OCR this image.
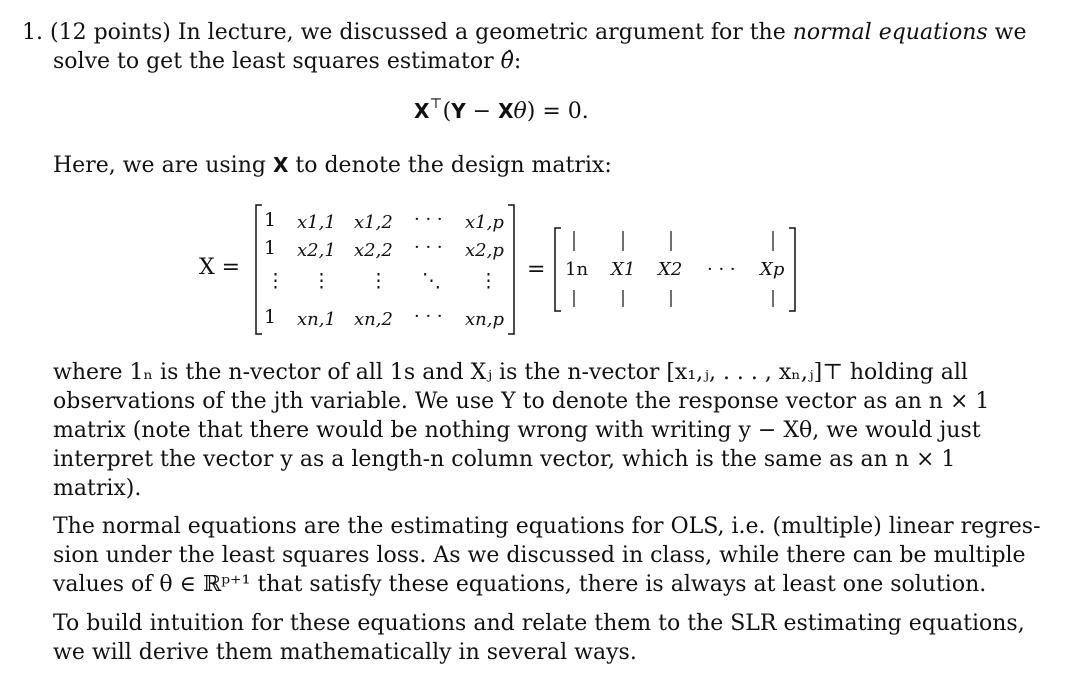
1. (12 points) In lecture, we discussed a geometric argument for the normal equations we
solve to get the least squares estimator θ̂:
X⊤(Y − Xθ) = 0.
Here, we are using X to denote the design matrix:
X =	=
1 x1,1 x1,2 · · · x1,p
1 x2,1 x2,2 · · · x2,p
⋮ ⋮ ⋮ ⋱ ⋮
1 xn,1 xn,2 · · · xn,p
1n X1 X2 · · · Xp
where 1ₙ is the n-vector of all 1s and Xⱼ is the n-vector [x₁,ⱼ, . . . , xₙ,ⱼ]⊤ holding all
observations of the jth variable. We use Y to denote the response vector as an n × 1
matrix (note that there would be nothing wrong with writing y − Xθ, we would just
interpret the vector y as a length-n column vector, which is the same as an n × 1
matrix).
The normal equations are the estimating equations for OLS, i.e. (multiple) linear regres-
sion under the least squares loss. As we discussed in class, while there can be multiple
values of θ ∈ ℝᵖ⁺¹ that satisfy these equations, there is always at least one solution.
To build intuition for these equations and relate them to the SLR estimating equations,
we will derive them mathematically in several ways.
